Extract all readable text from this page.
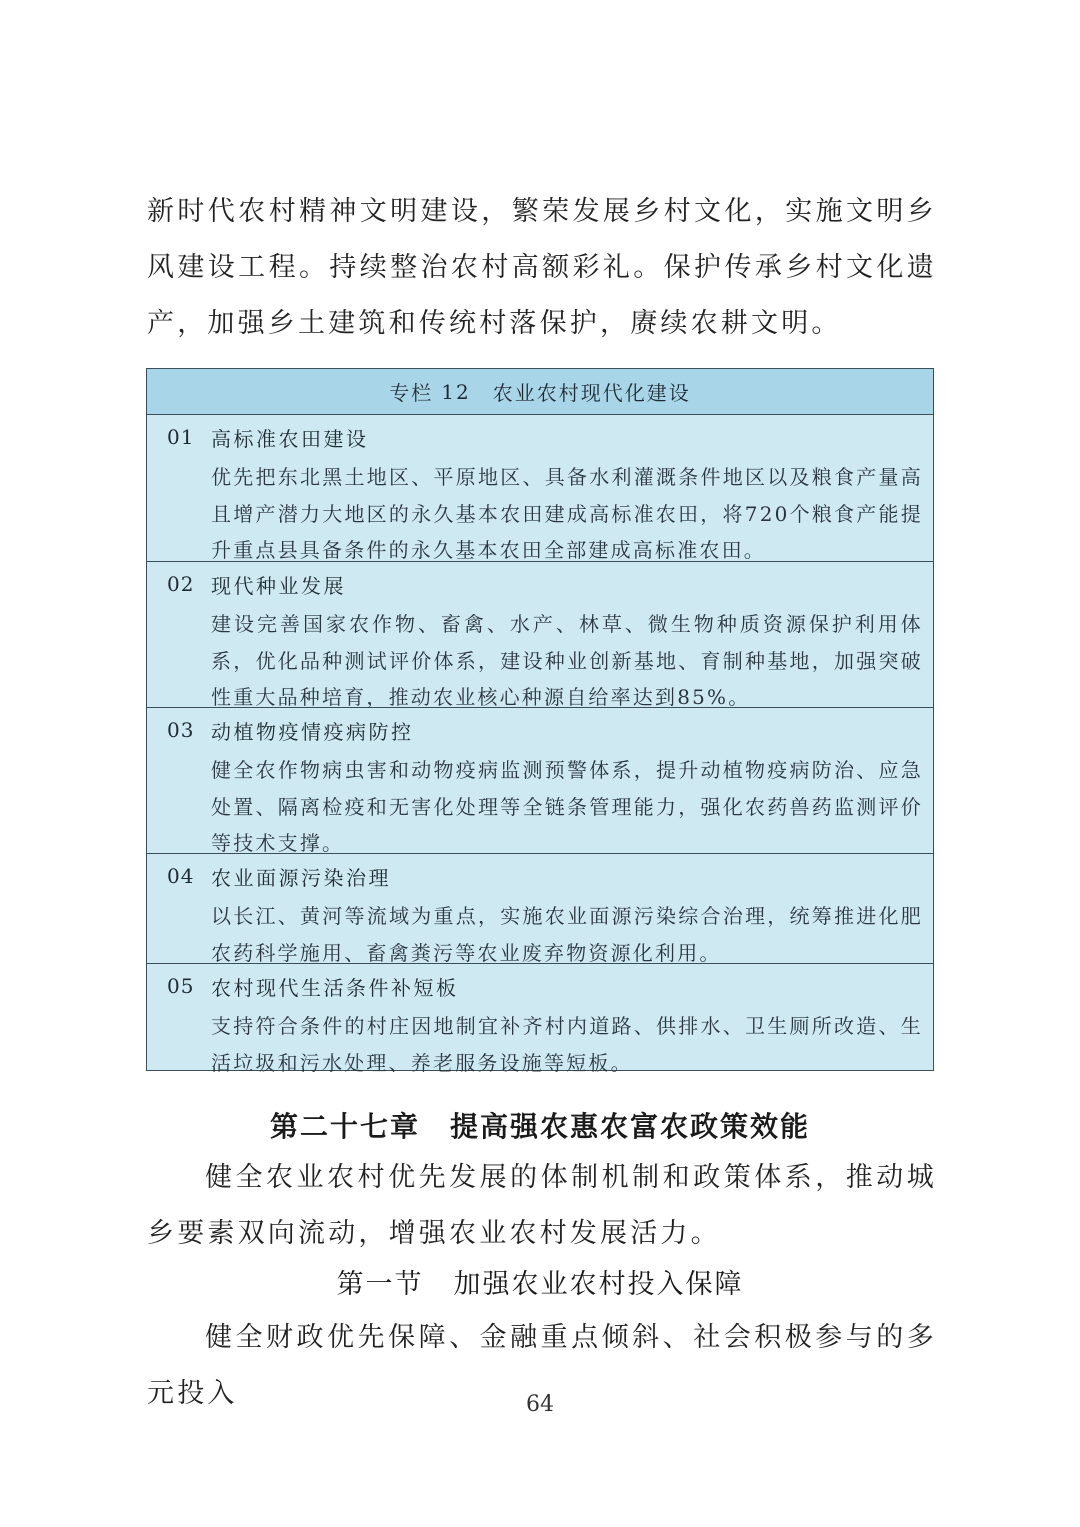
新时代农村精神文明建设，繁荣发展乡村文化，实施文明乡风建设工程。持续整治农村高额彩礼。保护传承乡村文化遗产，加强乡土建筑和传统村落保护，赓续农耕文明。

专栏 12 农业农村现代化建设
01 高标准农田建设

优先把东北黑土地区、平原地区、具备水利灌溉条件地区以及粮食产量高且增产潜力大地区的永久基本农田建成高标准农田，将720个粮食产能提升重点县具备条件的永久基本农田全部建成高标准农田。

02 现代种业发展

建设完善国家农作物、畜禽、水产、林草、微生物种质资源保护利用体系，优化品种测试评价体系，建设种业创新基地、育制种基地，加强突破性重大品种培育，推动农业核心种源自给率达到85%。

03 动植物疫情疫病防控

健全农作物病虫害和动物疫病监测预警体系，提升动植物疫病防治、应急处置、隔离检疫和无害化处理等全链条管理能力，强化农药兽药监测评价等技术支撑。

04 农业面源污染治理

以长江、黄河等流域为重点，实施农业面源污染综合治理，统筹推进化肥农药科学施用、畜禽粪污等农业废弃物资源化利用。

05 农村现代生活条件补短板

支持符合条件的村庄因地制宜补齐村内道路、供排水、卫生厕所改造、生活垃圾和污水处理、养老服务设施等短板。

第二十七章 提高强农惠农富农政策效能

健全农业农村优先发展的体制机制和政策体系，推动城乡要素双向流动，增强农业农村发展活力。

第一节 加强农业农村投入保障

健全财政优先保障、金融重点倾斜、社会积极参与的多元投入	64
